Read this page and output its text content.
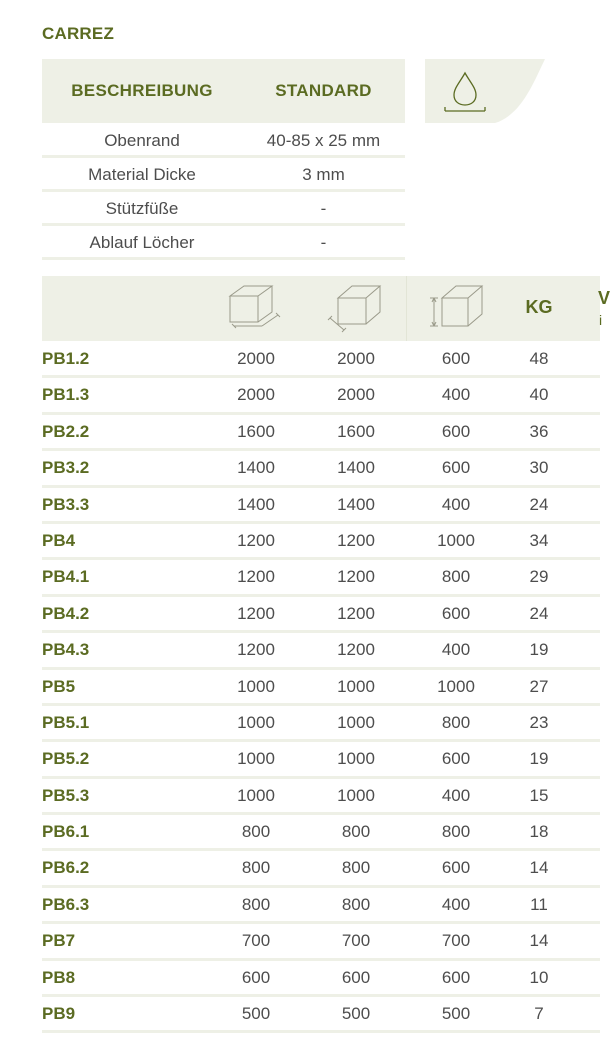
CARREZ
BESCHREIBUNG	STANDARD
Obenrand	40-85 x 25 mm
Material Dicke	3 mm
Stützfüße	-
Ablauf Löcher	-
KG	V
i
PB1.2	2000	2000	600	48
PB1.3	2000	2000	400	40
PB2.2	1600	1600	600	36
PB3.2	1400	1400	600	30
PB3.3	1400	1400	400	24
PB4	1200	1200	1000	34
PB4.1	1200	1200	800	29
PB4.2	1200	1200	600	24
PB4.3	1200	1200	400	19
PB5	1000	1000	1000	27
PB5.1	1000	1000	800	23
PB5.2	1000	1000	600	19
PB5.3	1000	1000	400	15
PB6.1	800	800	800	18
PB6.2	800	800	600	14
PB6.3	800	800	400	11
PB7	700	700	700	14
PB8	600	600	600	10
PB9	500	500	500	7
